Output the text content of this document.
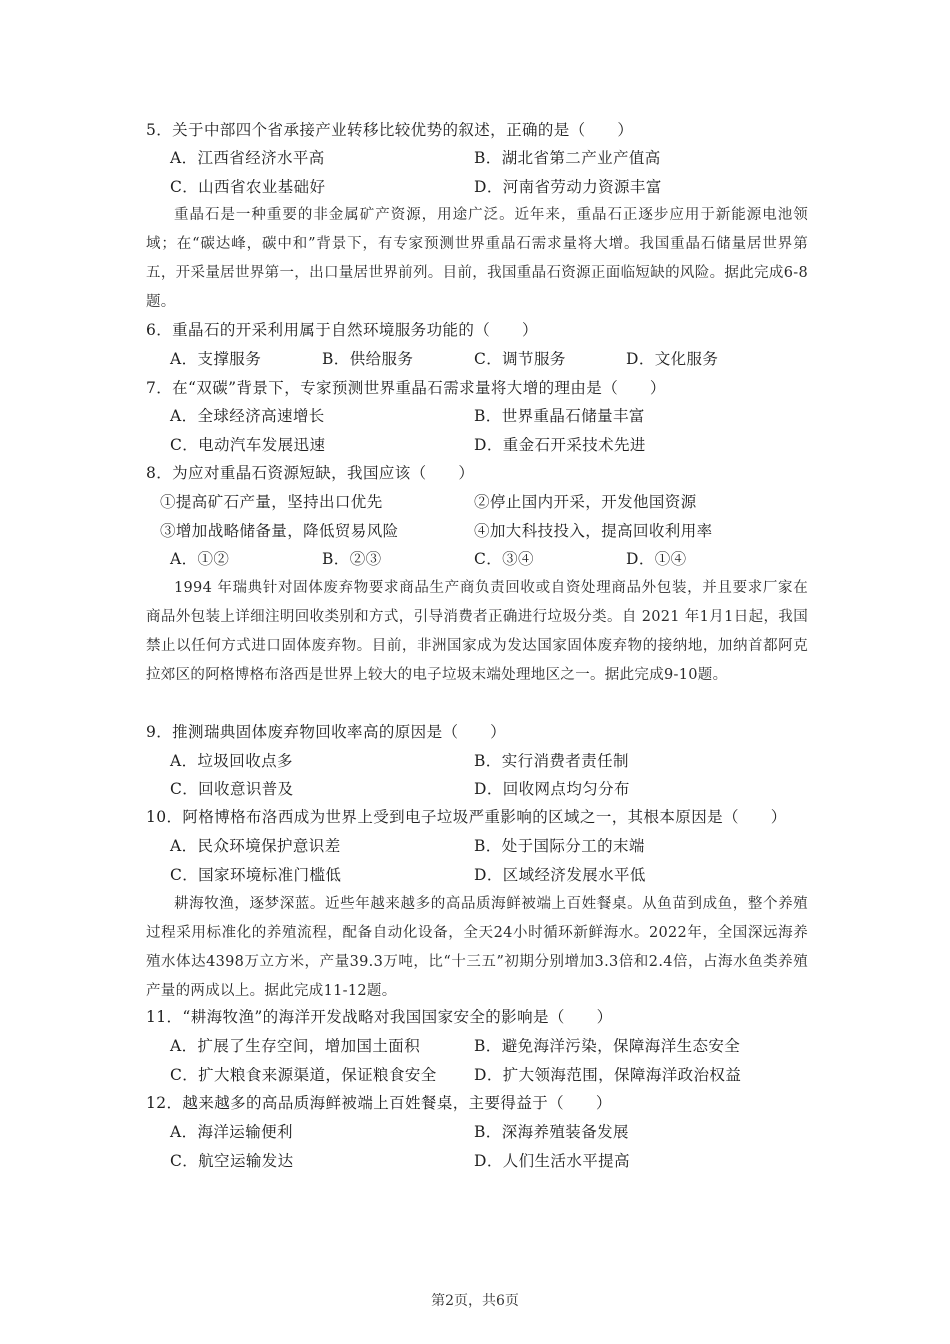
5．关于中部四个省承接产业转移比较优势的叙述，正确的是（　　）
A．江西省经济水平高	B．湖北省第二产业产值高
C．山西省农业基础好	D．河南省劳动力资源丰富
重晶石是一种重要的非金属矿产资源，用途广泛。近年来，重晶石正逐步应用于新能源电池领域；在“碳达峰，碳中和”背景下，有专家预测世界重晶石需求量将大增。我国重晶石储量居世界第五，开采量居世界第一，出口量居世界前列。目前，我国重晶石资源正面临短缺的风险。据此完成6-8题。
6．重晶石的开采利用属于自然环境服务功能的（　　）
A．支撑服务	B．供给服务	C．调节服务	D．文化服务
7．在“双碳”背景下，专家预测世界重晶石需求量将大增的理由是（　　）
A．全球经济高速增长	B．世界重晶石储量丰富
C．电动汽车发展迅速	D．重金石开采技术先进
8．为应对重晶石资源短缺，我国应该（　　）
①提高矿石产量，坚持出口优先	②停止国内开采，开发他国资源
③增加战略储备量，降低贸易风险	④加大科技投入，提高回收利用率
A．①②	B．②③	C．③④	D．①④
1994 年瑞典针对固体废弃物要求商品生产商负责回收或自资处理商品外包装，并且要求厂家在商品外包装上详细注明回收类别和方式，引导消费者正确进行垃圾分类。自 2021 年1月1日起，我国禁止以任何方式进口固体废弃物。目前，非洲国家成为发达国家固体废弃物的接纳地，加纳首都阿克拉郊区的阿格博格布洛西是世界上较大的电子垃圾末端处理地区之一。据此完成9-10题。
9．推测瑞典固体废弃物回收率高的原因是（　　）
A．垃圾回收点多	B．实行消费者责任制
C．回收意识普及	D．回收网点均匀分布
10．阿格博格布洛西成为世界上受到电子垃圾严重影响的区域之一，其根本原因是（　　）
A．民众环境保护意识差	B．处于国际分工的末端
C．国家环境标准门槛低	D．区域经济发展水平低
耕海牧渔，逐梦深蓝。近些年越来越多的高品质海鲜被端上百姓餐桌。从鱼苗到成鱼，整个养殖过程采用标准化的养殖流程，配备自动化设备，全天24小时循环新鲜海水。2022年，全国深远海养殖水体达4398万立方米，产量39.3万吨，比“十三五”初期分别增加3.3倍和2.4倍，占海水鱼类养殖产量的两成以上。据此完成11-12题。
11．“耕海牧渔”的海洋开发战略对我国国家安全的影响是（　　）
A．扩展了生存空间，增加国土面积	B．避免海洋污染，保障海洋生态安全
C．扩大粮食来源渠道，保证粮食安全 D．扩大领海范围，保障海洋政治权益
12．越来越多的高品质海鲜被端上百姓餐桌，主要得益于（　　）
A．海洋运输便利	B．深海养殖装备发展
C．航空运输发达	D．人们生活水平提高
第2页，共6页
